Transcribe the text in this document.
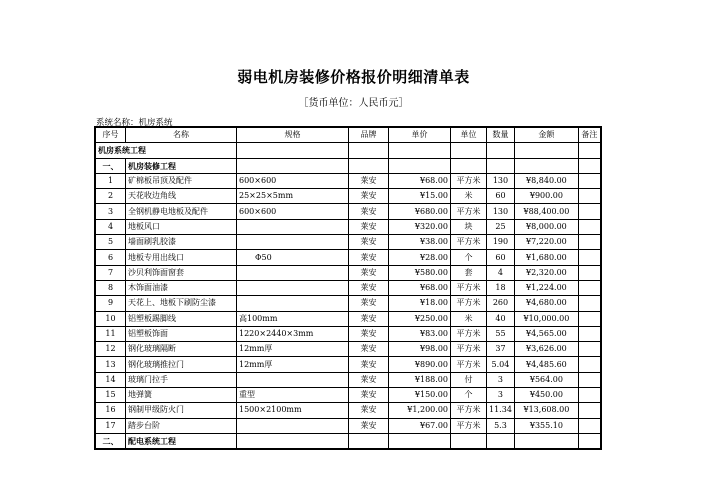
弱电机房装修价格报价明细清单表
［货币单位：人民币元］
系统名称：机房系统
序号	名称	规格	品牌	单价	单位	数量	金额	备注
机房系统工程								
一、	机房装修工程							
1	矿棉板吊顶及配件	600×600	莱安	¥68.00	平方米	130	¥8,840.00	
2	天花收边角线	25×25×5mm	莱安	¥15.00	米	60	¥900.00	
3	全钢机静电地板及配件	600×600	莱安	¥680.00	平方米	130	¥88,400.00	
4	地板风口		莱安	¥320.00	块	25	¥8,000.00	
5	墙面刷乳胶漆		莱安	¥38.00	平方米	190	¥7,220.00	
6	地板专用出线口	Φ50	莱安	¥28.00	个	60	¥1,680.00	
7	沙贝利饰面窗套		莱安	¥580.00	套	4	¥2,320.00	
8	木饰面油漆		莱安	¥68.00	平方米	18	¥1,224.00	
9	天花上、地板下刷防尘漆		莱安	¥18.00	平方米	260	¥4,680.00	
10	铝塑板踢脚线	高100mm	莱安	¥250.00	米	40	¥10,000.00	
11	铝塑板饰面	1220×2440×3mm	莱安	¥83.00	平方米	55	¥4,565.00	
12	钢化玻璃隔断	12mm厚	莱安	¥98.00	平方米	37	¥3,626.00	
13	钢化玻璃推拉门	12mm厚	莱安	¥890.00	平方米	5.04	¥4,485.60	
14	玻璃门拉手		莱安	¥188.00	付	3	¥564.00	
15	地弹簧	重型	莱安	¥150.00	个	3	¥450.00	
16	钢制甲级防火门	1500×2100mm	莱安	¥1,200.00	平方米	11.34	¥13,608.00	
17	踏步台阶		莱安	¥67.00	平方米	5.3	¥355.10	
二、	配电系统工程							
